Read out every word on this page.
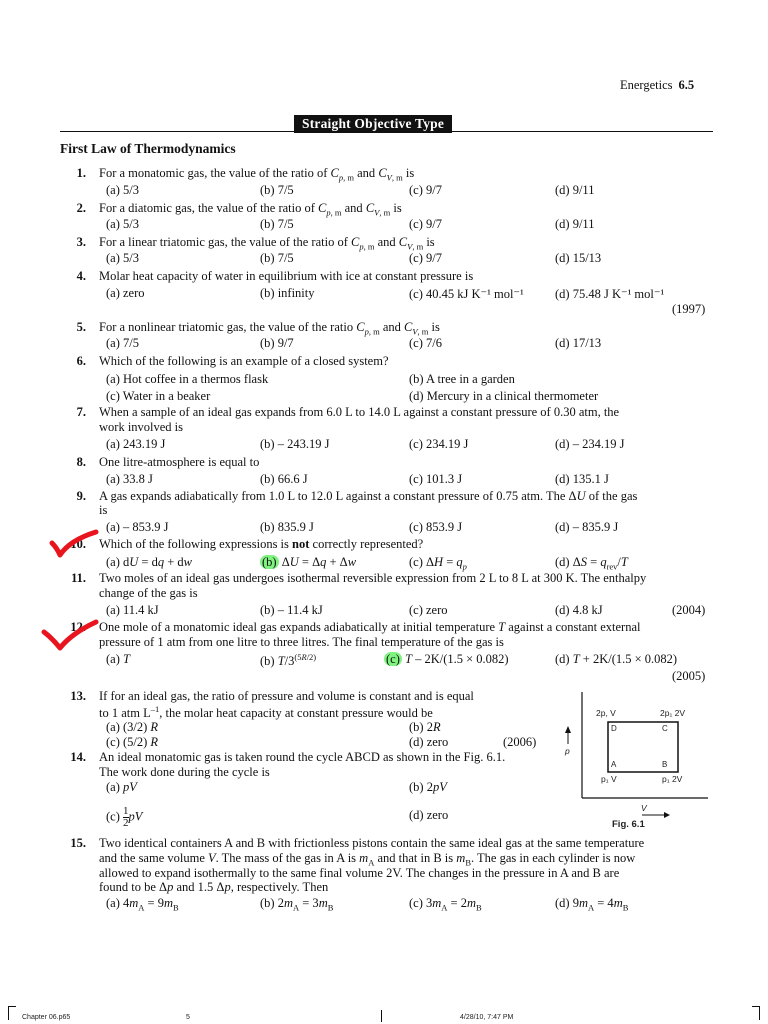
Energetics 6.5
Straight Objective Type
First Law of Thermodynamics
1. For a monatomic gas, the value of the ratio of $C_{p, m}$ and $C_{V, m}$ is
(a) 5/3	(b) 7/5	(c) 9/7	(d) 9/11
2. For a diatomic gas, the value of the ratio of $C_{p, m}$ and $C_{V, m}$ is
(a) 5/3	(b) 7/5	(c) 9/7	(d) 9/11
3. For a linear triatomic gas, the value of the ratio of $C_{p, m}$ and $C_{V, m}$ is
(a) 5/3	(b) 7/5	(c) 9/7	(d) 15/13
4. Molar heat capacity of water in equilibrium with ice at constant pressure is
(a) zero	(b) infinity	(c) 40.45 kJ K⁻¹ mol⁻¹ (d) 75.48 J K⁻¹ mol⁻¹
(1997)
5. For a nonlinear triatomic gas, the value of the ratio $C_{p, m}$ and $C_{V, m}$ is
(a) 7/5	(b) 9/7	(c) 7/6	(d) 17/13
6. Which of the following is an example of a closed system?
(a) Hot coffee in a thermos flask	(b) A tree in a garden
(c) Water in a beaker	(d) Mercury in a clinical thermometer
7. When a sample of an ideal gas expands from 6.0 L to 14.0 L against a constant pressure of 0.30 atm, the
work involved is
(a) 243.19 J	(b) – 243.19 J	(c) 234.19 J	(d) – 234.19 J
8. One litre-atmosphere is equal to
(a) 33.8 J	(b) 66.6 J	(c) 101.3 J	(d) 135.1 J
9. A gas expands adiabatically from 1.0 L to 12.0 L against a constant pressure of 0.75 atm. The ΔU of the gas
is
(a) – 853.9 J	(b) 835.9 J	(c) 853.9 J	(d) – 835.9 J
10. Which of the following expressions is not correctly represented?
(a) dU = dq + dw	(b) ΔU = Δq + Δw	(c) $\Delta H = q_p$	(d) $\Delta S = q_{rev}/T$
11. Two moles of an ideal gas undergoes isothermal reversible expression from 2 L to 8 L at 300 K. The enthalpy
change of the gas is
(a) 11.4 kJ	(b) – 11.4 kJ	(c) zero	(d) 4.8 kJ	(2004)
12. One mole of a monatomic ideal gas expands adiabatically at initial temperature T against a constant external
pressure of 1 atm from one litre to three litres. The final temperature of the gas is
(a) T	(b) $T/3^{(5R/2)}$	(c) T – 2K/(1.5 × 0.082)	(d) T + 2K/(1.5 × 0.082)
(2005)
13. If for an ideal gas, the ratio of pressure and volume is constant and is equal
to 1 atm $L^{-1}$, the molar heat capacity at constant pressure would be
(a) (3/2) R	(b) 2R
(c) (5/2) R	(d) zero	(2006)
14. An ideal monatomic gas is taken round the cycle ABCD as shown in the Fig. 6.1.
The work done during the cycle is
(a) pV	(b) 2pV
$(c) \frac{1}{2}$ pV	(d) zero
2p, V	2p₁ 2V
D	C
A	B
p₁ V	p₁ 2V
p
V
Fig. 6.1
15. Two identical containers A and B with frictionless pistons contain the same ideal gas at the same temperature
and the same volume V. The mass of the gas in A is $m_A$ and that in B is $m_B$. The gas in each cylinder is now
allowed to expand isothermally to the same final volume 2V. The changes in the pressure in A and B are
found to be Δp and 1.5 Δp, respectively. Then
(a) $4m_A = 9m_B$	(b) $2m_A = 3m_B$	(c) $3m_A = 2m_B$	(d) $9m_A = 4m_B$
Chapter 06.p65	5	4/28/10, 7:47 PM
